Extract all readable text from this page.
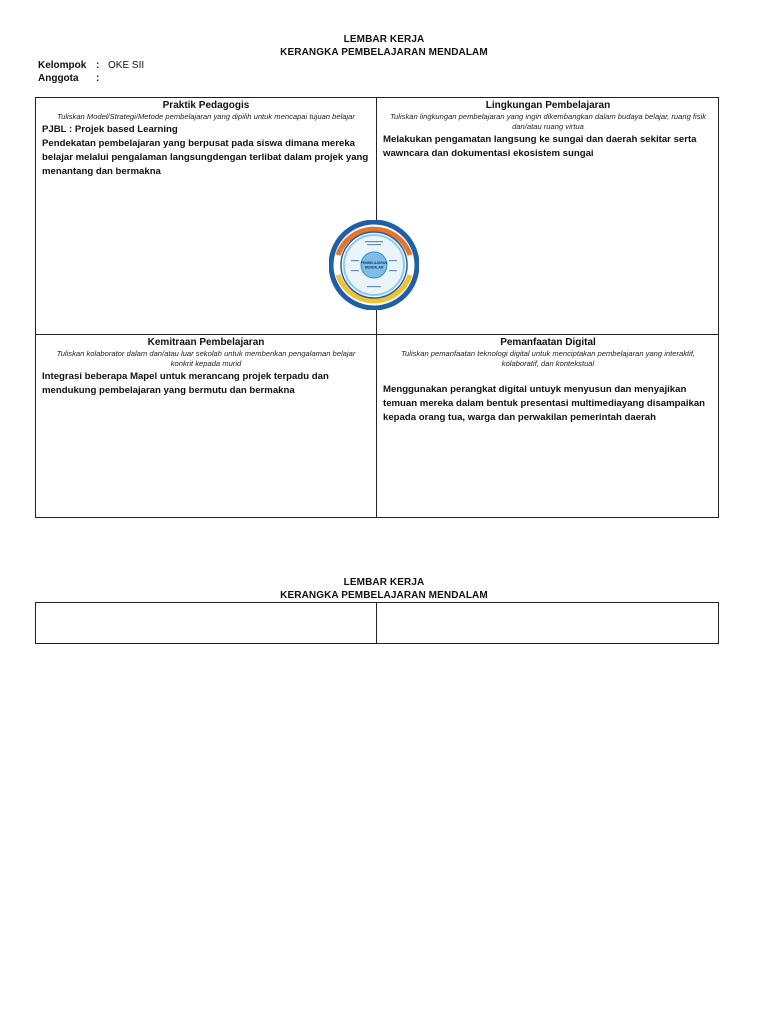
LEMBAR KERJA
KERANGKA PEMBELAJARAN MENDALAM
Kelompok : OKE SII
Anggota :
Praktik Pedagogis
Tuliskan Model/Strategi/Metode pembelajaran yang dipilih untuk mencapai tujuan belajar

PJBL : Projek based Learning

Pendekatan pembelajaran yang berpusat pada siswa dimana mereka belajar melalui pengalaman langsungdengan terlibat dalam projek yang menantang dan bermakna

Lingkungan Pembelajaran
Tuliskan lingkungan pembelajaran yang ingin dikembangkan dalam budaya belajar, ruang fisik dan/atau ruang virtua
Melakukan pengamatan langsung ke sungai dan daerah sekitar serta wawncara dan dokumentasi ekosistem sungai
Kemitraan Pembelajaran
Tuliskan kolaborator dalam dan/atau luar sekolah untuk memberikan pengalaman belajar konkrit kepada murid
Integrasi beberapa Mapel untuk merancang projek terpadu dan mendukung pembelajaran yang bermutu dan bermakna
Pemanfaatan Digital
Tuliskan pemanfaatan teknologi digital untuk menciptakan pembelajaran yang interaktif, kolaboratif, dan kontekstual
Menggunakan perangkat digital untuyk menyusun dan menyajikan temuan mereka dalam bentuk presentasi multimediayang disampaikan kepada orang tua, warga dan perwakilan pemerintah daerah
PEMBELAJARAN
MENDALAM
LEMBAR KERJA
KERANGKA PEMBELAJARAN MENDALAM
